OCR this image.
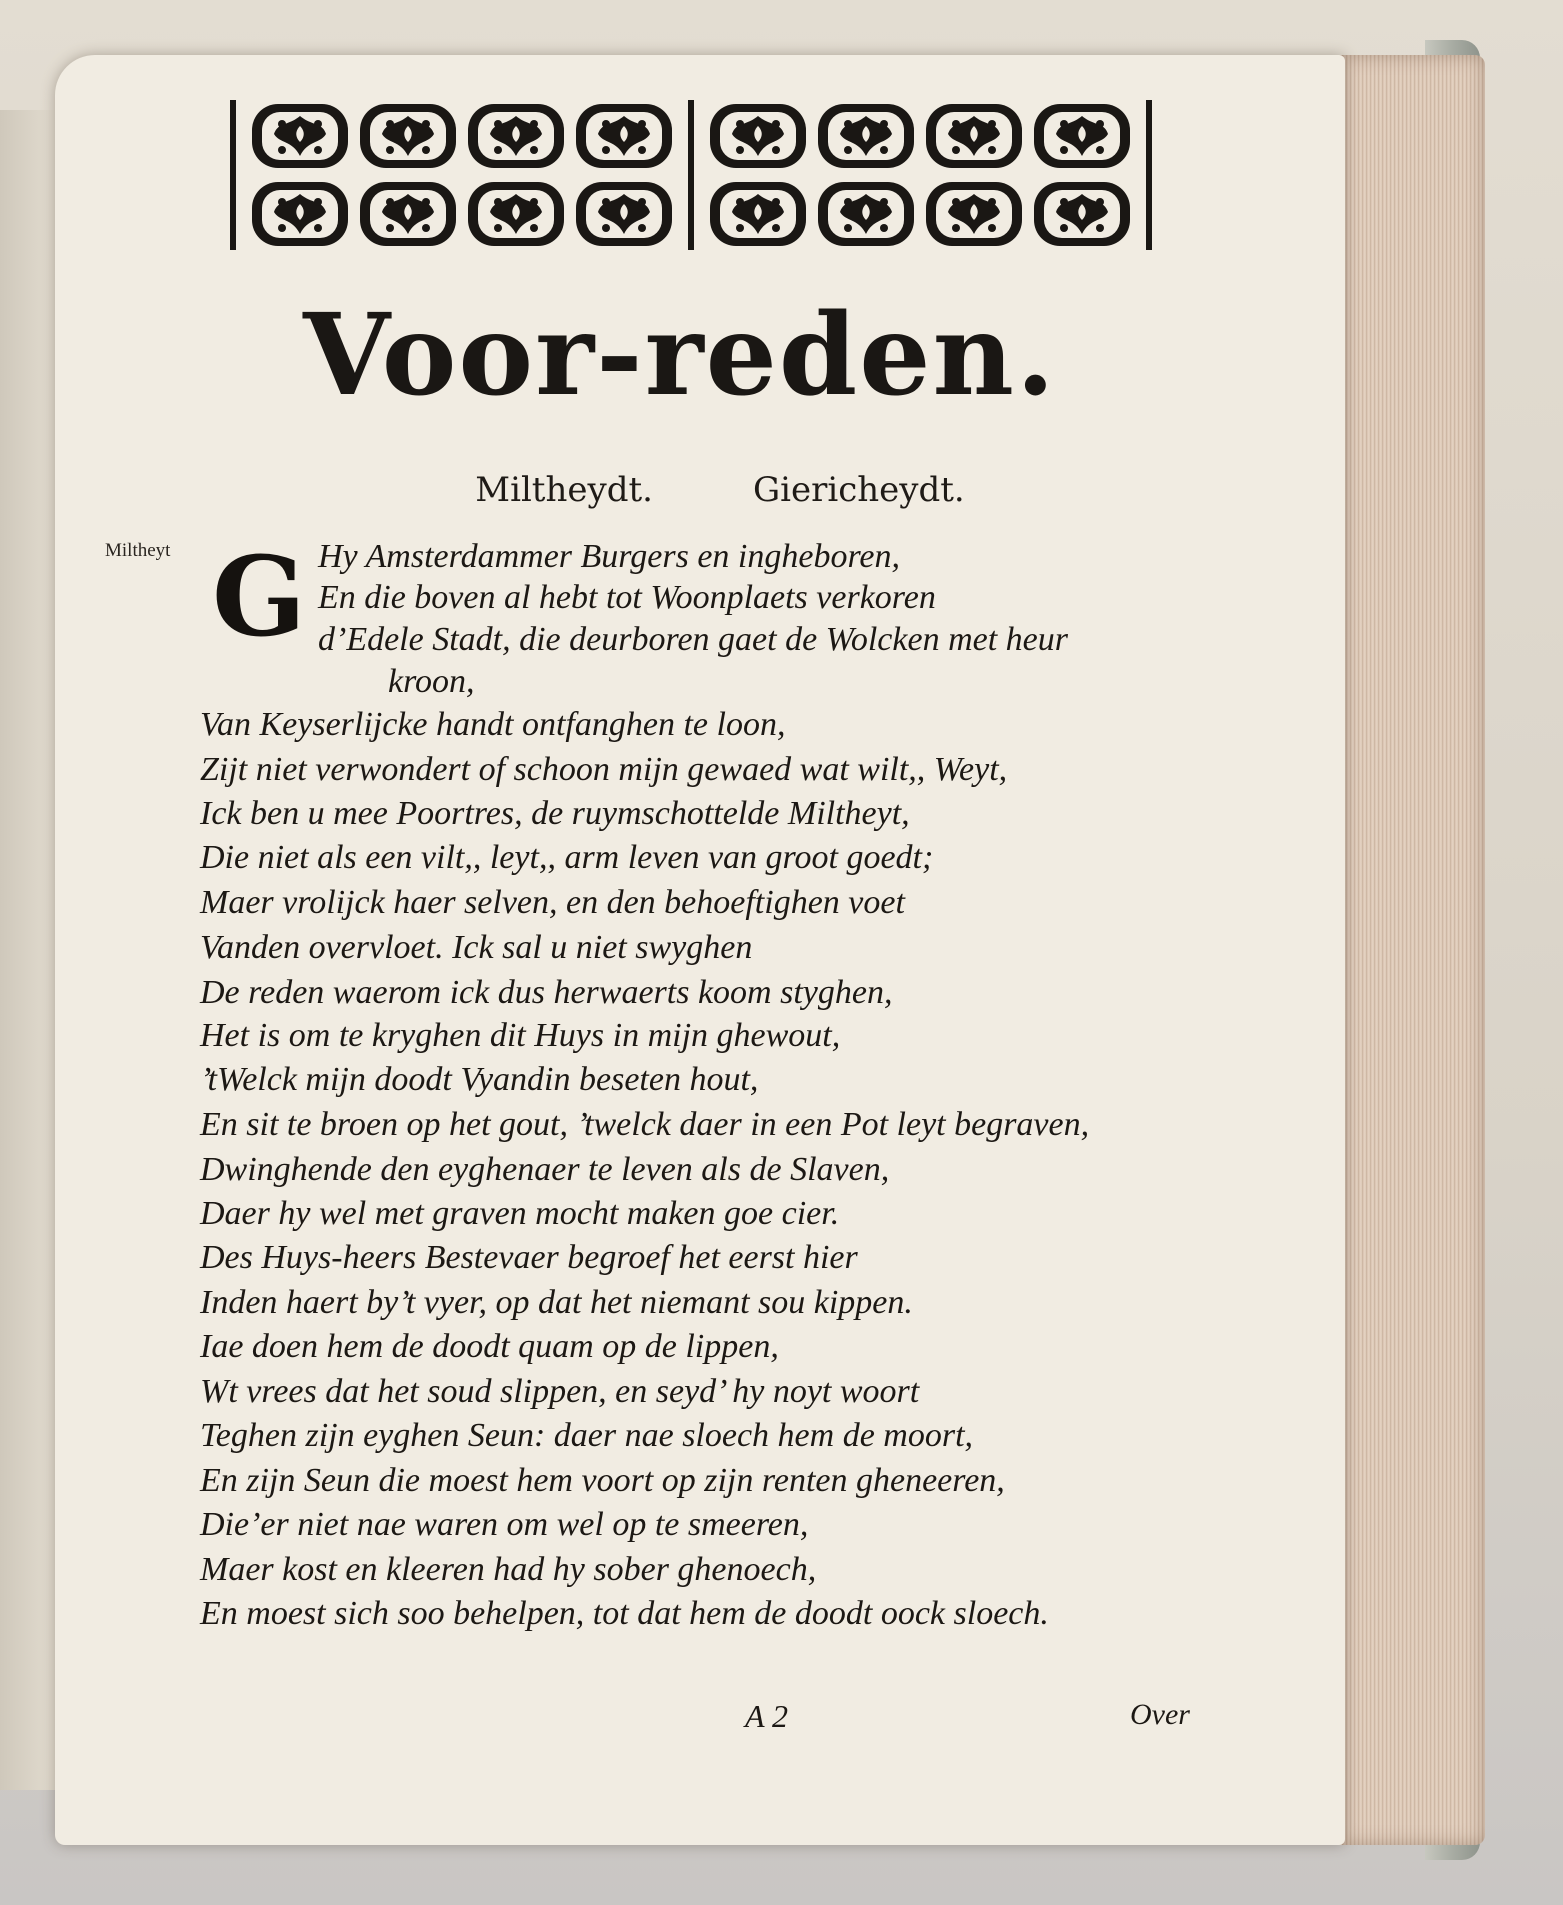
Voor-reden.
Miltheydt.	Giericheydt.
Miltheyt G Hy Amsterdammer Burgers en ingheboren,
En die boven al hebt tot Woonplaets verkoren
d’Edele Stadt, die deurboren gaet de Wolcken met heur
kroon,
Van Keyserlijcke handt ontfanghen te loon,
Zijt niet verwondert of schoon mijn gewaed wat wilt,, Weyt,
Ick ben u mee Poortres, de ruymschottelde Miltheyt,
Die niet als een vilt,, leyt,, arm leven van groot goedt;
Maer vrolijck haer selven, en den behoeftighen voet
Vanden overvloet. Ick sal u niet swyghen
De reden waerom ick dus herwaerts koom styghen,
Het is om te kryghen dit Huys in mijn ghewout,
’tWelck mijn doodt Vyandin beseten hout,
En sit te broen op het gout, ’twelck daer in een Pot leyt begraven,
Dwinghende den eyghenaer te leven als de Slaven,
Daer hy wel met graven mocht maken goe cier.
Des Huys-heers Bestevaer begroef het eerst hier
Inden haert by’t vyer, op dat het niemant sou kippen.
Iae doen hem de doodt quam op de lippen,
Wt vrees dat het soud slippen, en seyd’ hy noyt woort
Teghen zijn eyghen Seun: daer nae sloech hem de moort,
En zijn Seun die moest hem voort op zijn renten gheneeren,
Die’er niet nae waren om wel op te smeeren,
Maer kost en kleeren had hy sober ghenoech,
En moest sich soo behelpen, tot dat hem de doodt oock sloech.
A 2	Over
